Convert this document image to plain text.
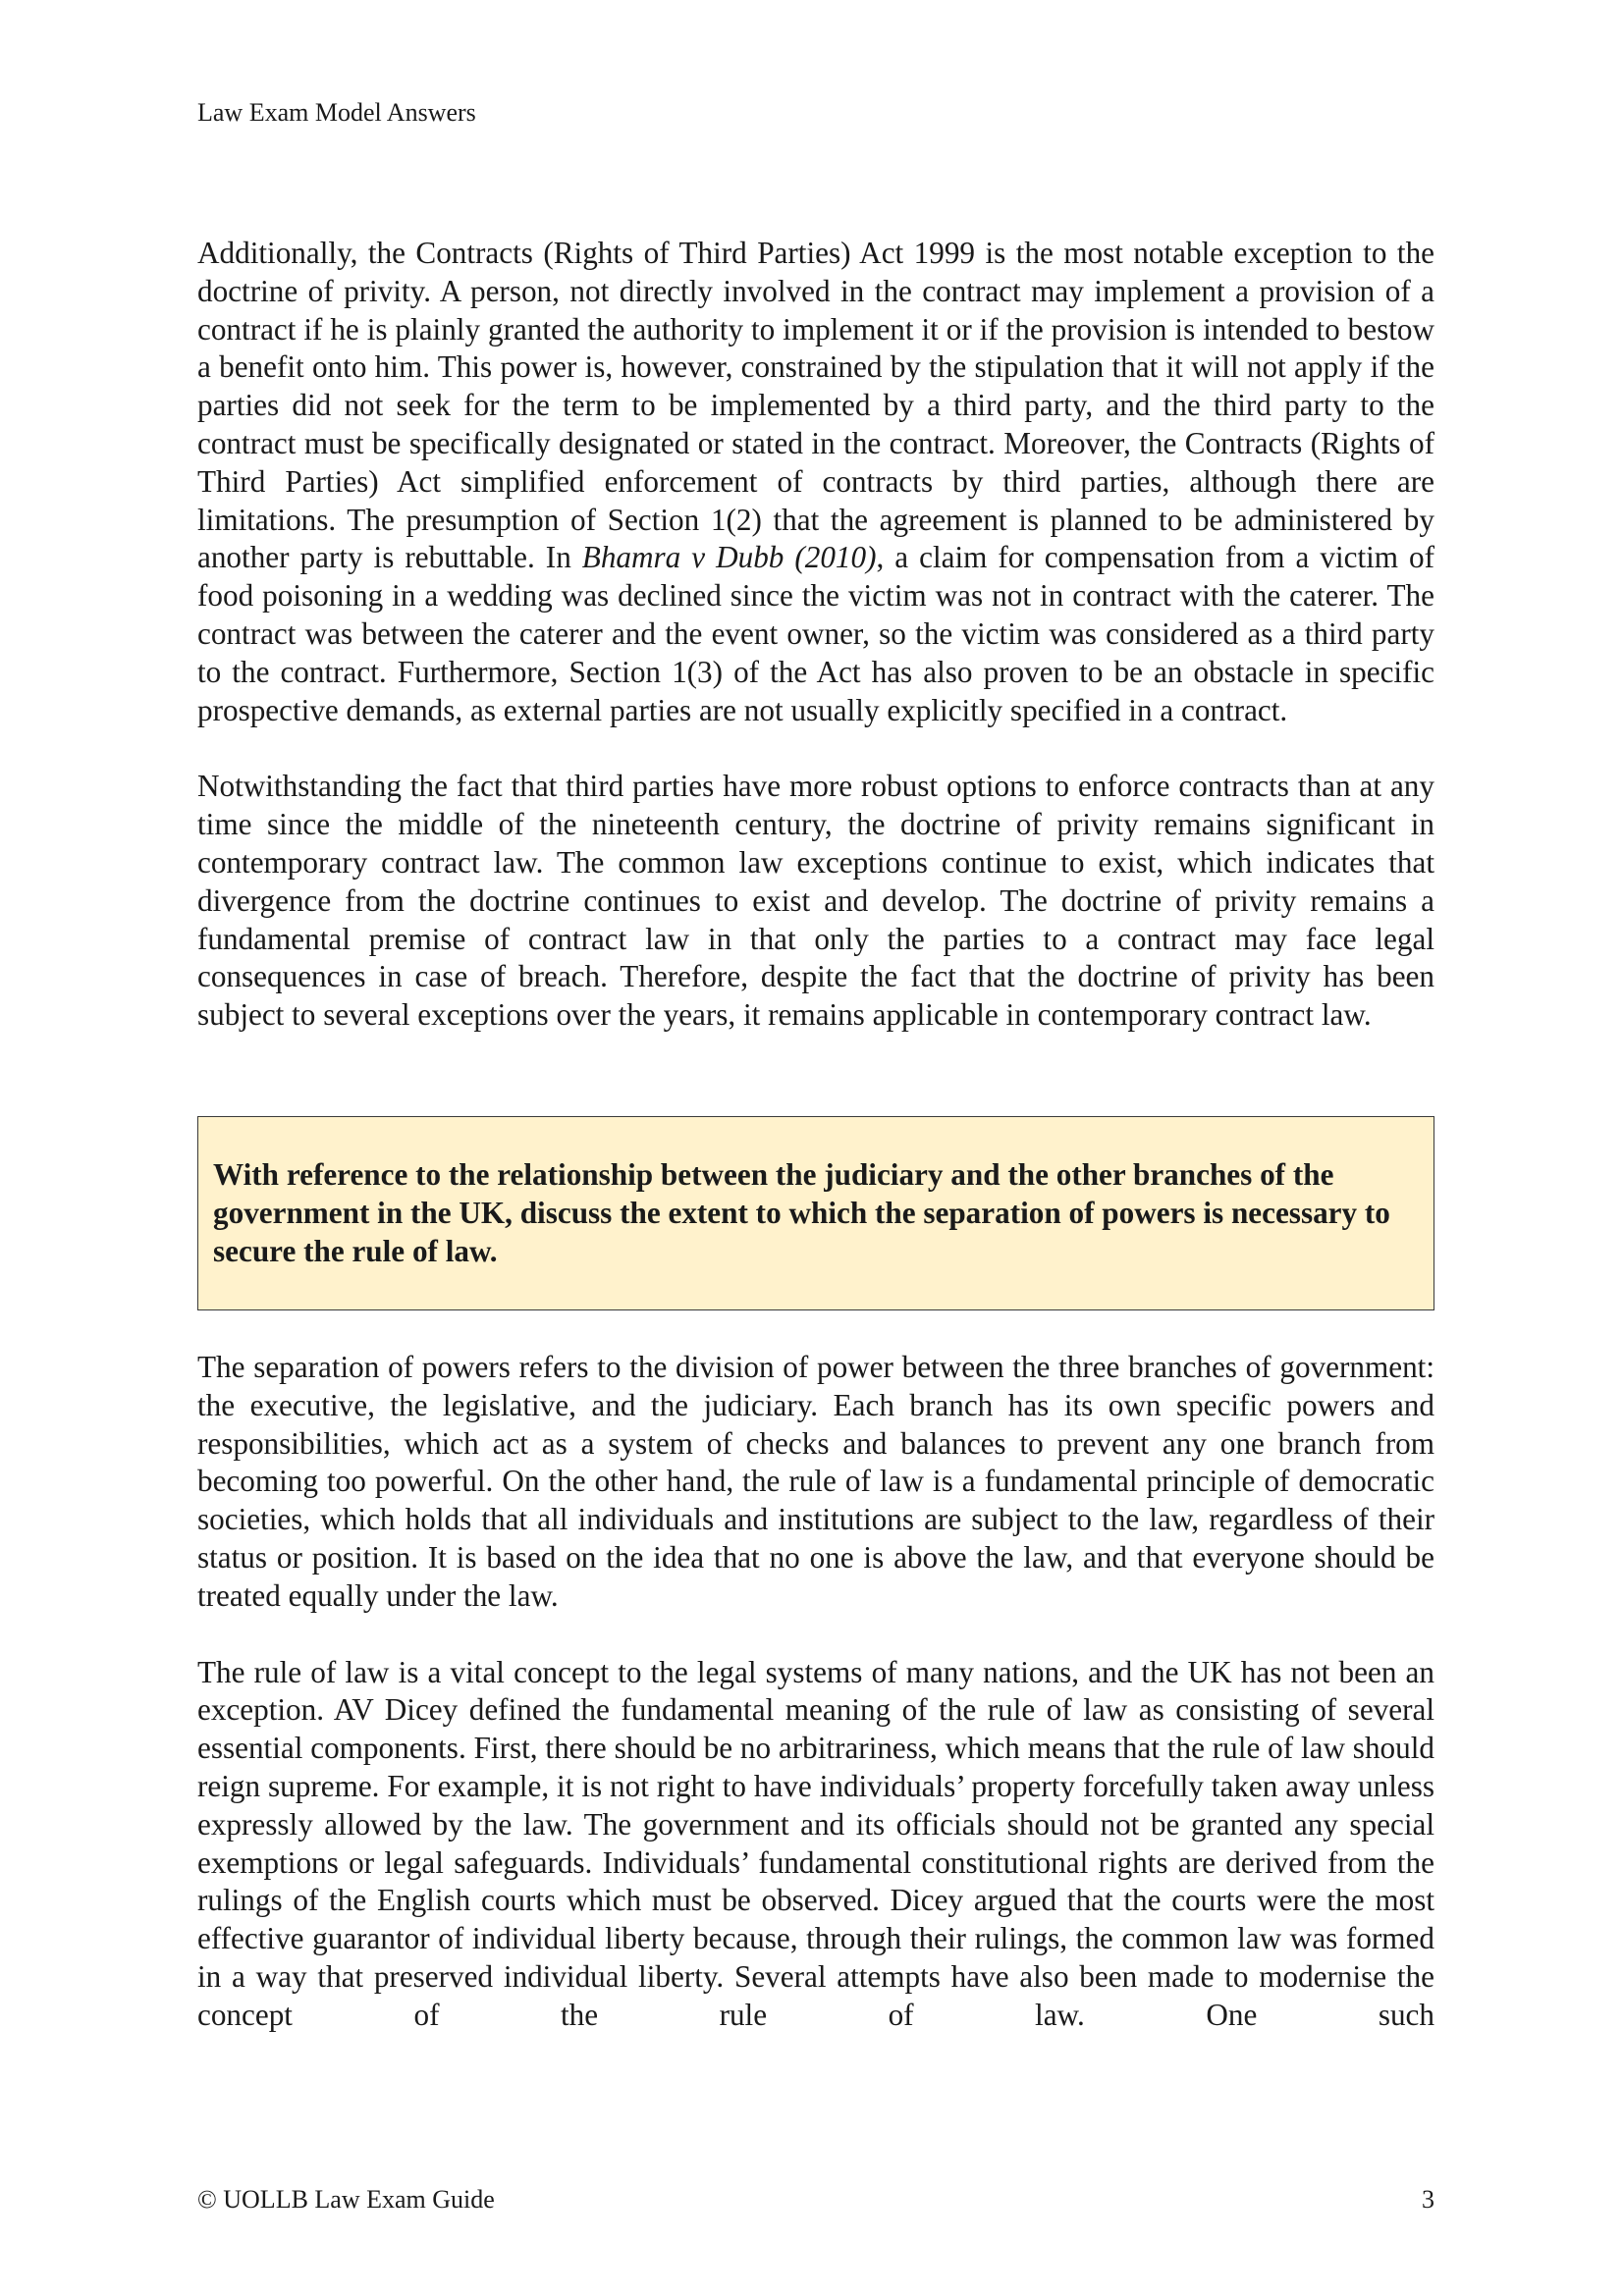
Law Exam Model Answers

Additionally, the Contracts (Rights of Third Parties) Act 1999 is the most notable exception to the doctrine of privity. A person, not directly involved in the contract may implement a provision of a contract if he is plainly granted the authority to implement it or if the provision is intended to bestow a benefit onto him. This power is, however, constrained by the stipulation that it will not apply if the parties did not seek for the term to be implemented by a third party, and the third party to the contract must be specifically designated or stated in the contract. Moreover, the Contracts (Rights of Third Parties) Act simplified enforcement of contracts by third parties, although there are limitations. The presumption of Section 1(2) that the agreement is planned to be administered by another party is rebuttable. In Bhamra v Dubb (2010), a claim for compensation from a victim of food poisoning in a wedding was declined since the victim was not in contract with the caterer. The contract was between the caterer and the event owner, so the victim was considered as a third party to the contract. Furthermore, Section 1(3) of the Act has also proven to be an obstacle in specific prospective demands, as external parties are not usually explicitly specified in a contract.

Notwithstanding the fact that third parties have more robust options to enforce contracts than at any time since the middle of the nineteenth century, the doctrine of privity remains significant in contemporary contract law. The common law exceptions continue to exist, which indicates that divergence from the doctrine continues to exist and develop. The doctrine of privity remains a fundamental premise of contract law in that only the parties to a contract may face legal consequences in case of breach. Therefore, despite the fact that the doctrine of privity has been subject to several exceptions over the years, it remains applicable in contemporary contract law.

With reference to the relationship between the judiciary and the other branches of the government in the UK, discuss the extent to which the separation of powers is necessary to secure the rule of law.

The separation of powers refers to the division of power between the three branches of government: the executive, the legislative, and the judiciary. Each branch has its own specific powers and responsibilities, which act as a system of checks and balances to prevent any one branch from becoming too powerful. On the other hand, the rule of law is a fundamental principle of democratic societies, which holds that all individuals and institutions are subject to the law, regardless of their status or position. It is based on the idea that no one is above the law, and that everyone should be treated equally under the law.

The rule of law is a vital concept to the legal systems of many nations, and the UK has not been an exception. AV Dicey defined the fundamental meaning of the rule of law as consisting of several essential components. First, there should be no arbitrariness, which means that the rule of law should reign supreme. For example, it is not right to have individuals’ property forcefully taken away unless expressly allowed by the law. The government and its officials should not be granted any special exemptions or legal safeguards. Individuals’ fundamental constitutional rights are derived from the rulings of the English courts which must be observed. Dicey argued that the courts were the most effective guarantor of individual liberty because, through their rulings, the common law was formed in a way that preserved individual liberty. Several attempts have also been made to modernise the concept of the rule of law. One such

© UOLLB Law Exam Guide	3
